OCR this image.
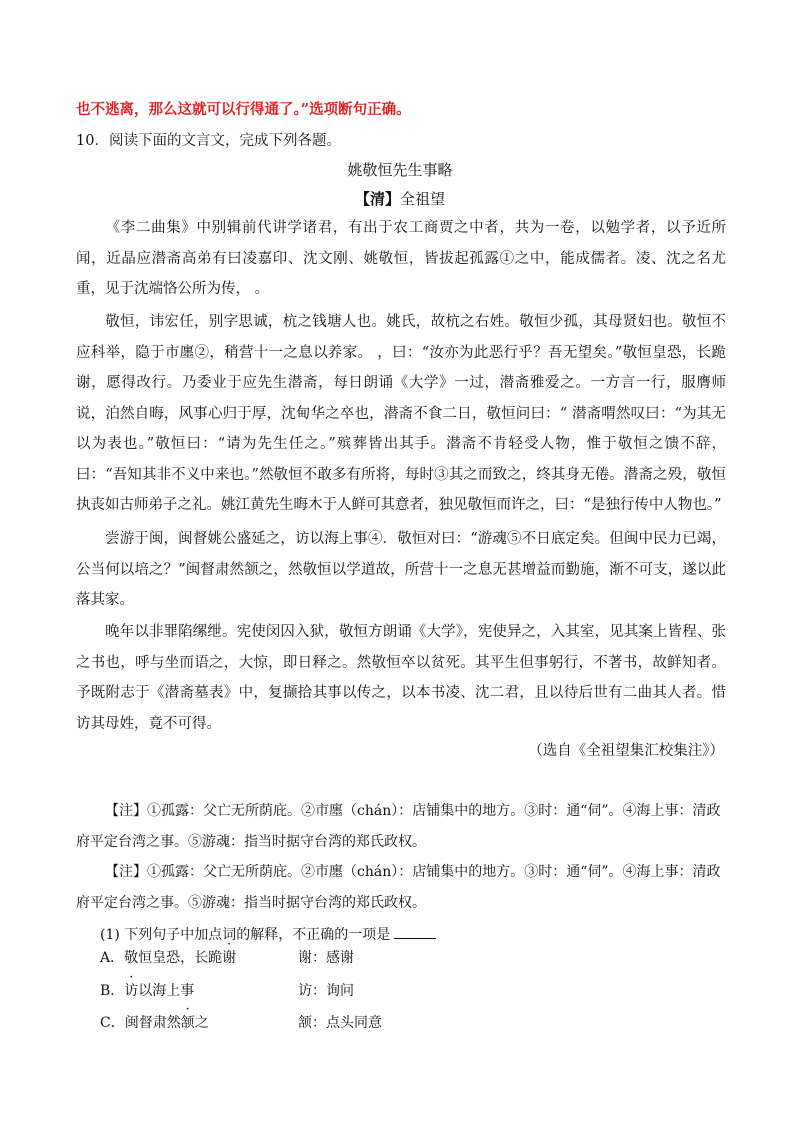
也不逃离，那么这就可以行得通了。”选项断句正确。
10．阅读下面的文言文，完成下列各题。
姚敬恒先生事略
【清】全祖望
《李二曲集》中别辑前代讲学诸君，有出于农工商贾之中者，共为一卷，以勉学者，以予近所闻，近晶应潜斋高弟有曰凌嘉印、沈文刚、姚敬恒，皆拔起孤露①之中，能成儒者。凌、沈之名尤重，见于沈端恪公所为传， 。
敬恒，讳宏任，别字思诚，杭之钱塘人也。姚氏，故杭之右姓。敬恒少孤，其母贤妇也。敬恒不应科举，隐于市廛②，稍营十一之息以养家。 ，曰：“汝亦为此恶行乎？吾无望矣。”敬恒皇恐，长跪谢，愿得改行。乃委业于应先生潜斋，每日朗诵《大学》一过，潜斋雅爱之。一方言一行，服膺师说，泊然自晦，风事心归于厚，沈甸华之卒也，潜斋不食二日，敬恒问曰：“ 潜斋喟然叹曰：“为其无以为表也。”敬恒曰：“请为先生任之。”殡葬皆出其手。潜斋不肯轻受人物，惟于敬恒之馈不辞，曰：“吾知其非不义中来也。”然敬恒不敢多有所将，每时③其之而致之，终其身无倦。潜斋之殁，敬恒执丧如古师弟子之礼。姚江黄先生晦木于人鲜可其意者，独见敬恒而许之，曰：“是独行传中人物也。”
尝游于闽，闽督姚公盛延之，访以海上事④．敬恒对曰：“游魂⑤不日底定矣。但闽中民力已竭，公当何以培之？”闽督肃然颔之，然敬恒以学道故，所营十一之息无甚增益而勤施，渐不可支，遂以此落其家。
晚年以非罪陷缧绁。宪使闵囚入狱，敬恒方朗诵《大学》，宪使异之，入其室，见其案上皆程、张之书也，呼与坐而语之，大惊，即日释之。然敬恒卒以贫死。其平生但事躬行，不著书，故鲜知者。予既附志于《潜斋墓表》中，复撷拾其事以传之，以本书凌、沈二君，且以待后世有二曲其人者。惜访其母姓，竟不可得。
（选自《全祖望集汇校集注》）
【注】①孤露：父亡无所荫庇。②市廛（chán）：店铺集中的地方。③时：通“伺”。④海上事：清政府平定台湾之事。⑤游魂：指当时据守台湾的郑氏政权。
【注】①孤露：父亡无所荫庇。②市廛（chán）：店铺集中的地方。③时：通“伺”。④海上事：清政府平定台湾之事。⑤游魂：指当时据守台湾的郑氏政权。
(1) 下列句子中加点词的解释，不正确的一项是
A．敬恒皇恐，长跪谢	谢：感谢
B．访以海上事	访：询问
C．闽督肃然颔之	颔：点头同意
